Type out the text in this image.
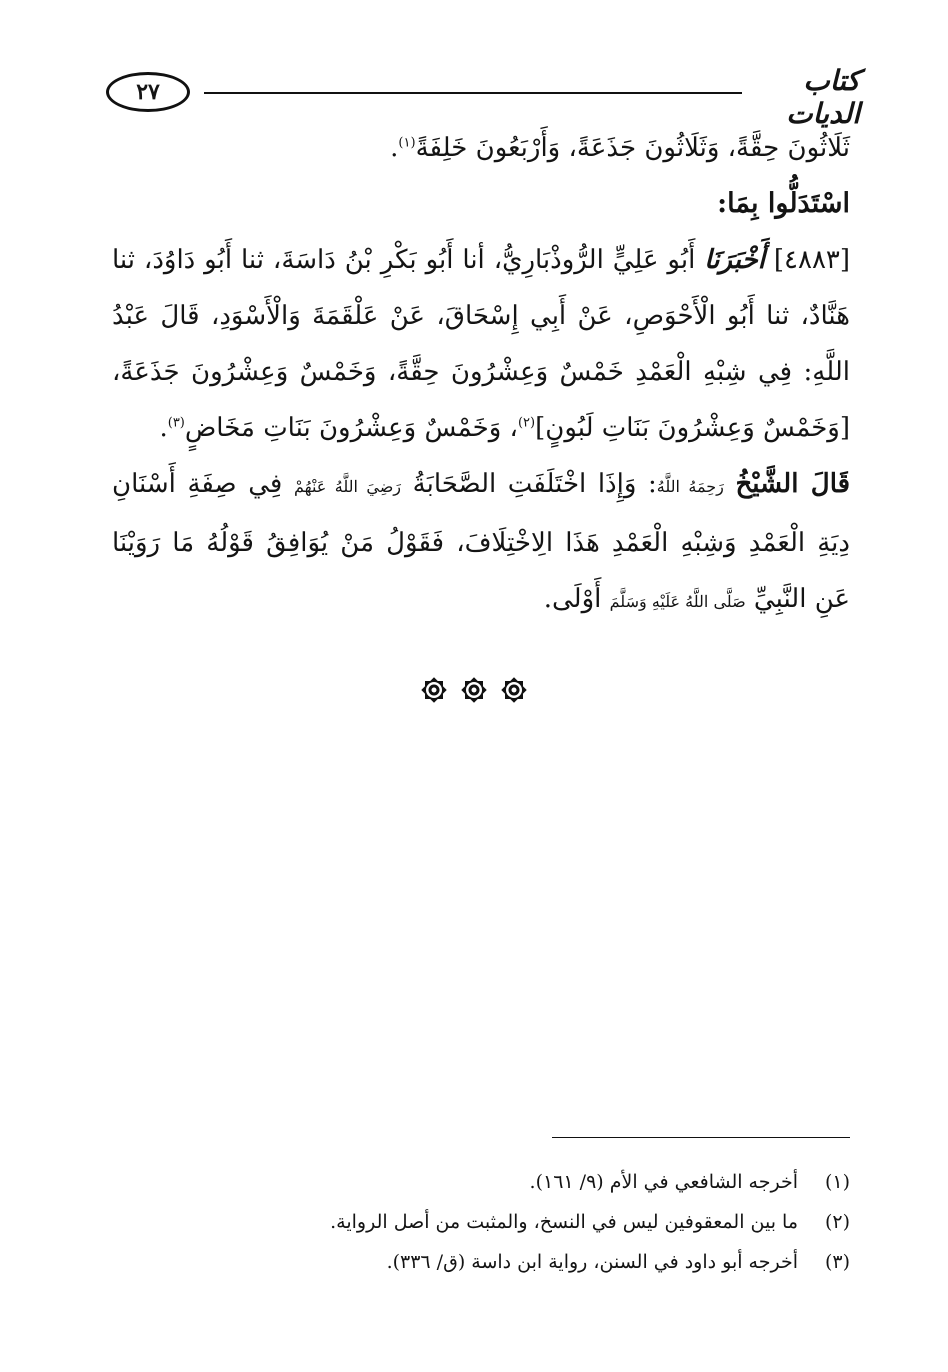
٢٧	كتاب الديات

ثَلَاثُونَ حِقَّةً، وَثَلَاثُونَ جَذَعَةً، وَأَرْبَعُونَ خَلِفَةً$^{(١)}$.

اسْتَدَلُّوا بِمَا:

[٤٨٨٣] أَخْبَرَنَا أَبُو عَلِيٍّ الرُّوذْبَارِيُّ، أنا أَبُو بَكْرِ بْنُ دَاسَةَ، ثنا أَبُو دَاوُدَ، ثنا هَنَّادٌ، ثنا أَبُو الْأَحْوَصِ، عَنْ أَبِي إِسْحَاقَ، عَنْ عَلْقَمَةَ وَالْأَسْوَدِ، قَالَ عَبْدُ اللَّهِ: فِي شِبْهِ الْعَمْدِ خَمْسٌ وَعِشْرُونَ حِقَّةً، وَخَمْسٌ وَعِشْرُونَ جَذَعَةً، [وَخَمْسٌ وَعِشْرُونَ بَنَاتِ لَبُونٍ]$^{(٢)}$، وَخَمْسٌ وَعِشْرُونَ بَنَاتِ مَخَاضٍ$^{(٣)}$.

قَالَ الشَّيْخُ رَحِمَهُ اللَّهُ: وَإِذَا اخْتَلَفَتِ الصَّحَابَةُ رَضِيَ اللَّهُ عَنْهُمْ فِي صِفَةِ أَسْنَانِ دِيَةِ الْعَمْدِ وَشِبْهِ الْعَمْدِ هَذَا الِاخْتِلَافَ، فَقَوْلُ مَنْ يُوَافِقُ قَوْلُهُ مَا رَوَيْنَا عَنِ النَّبِيِّ صَلَّى اللَّهُ عَلَيْهِ وَسَلَّمَ أَوْلَى.

(١)
أخرجه الشافعي في الأم (٩/ ١٦١).
(٢)
ما بين المعقوفين ليس في النسخ، والمثبت من أصل الرواية.
(٣)
أخرجه أبو داود في السنن، رواية ابن داسة (ق/ ٣٣٦).
